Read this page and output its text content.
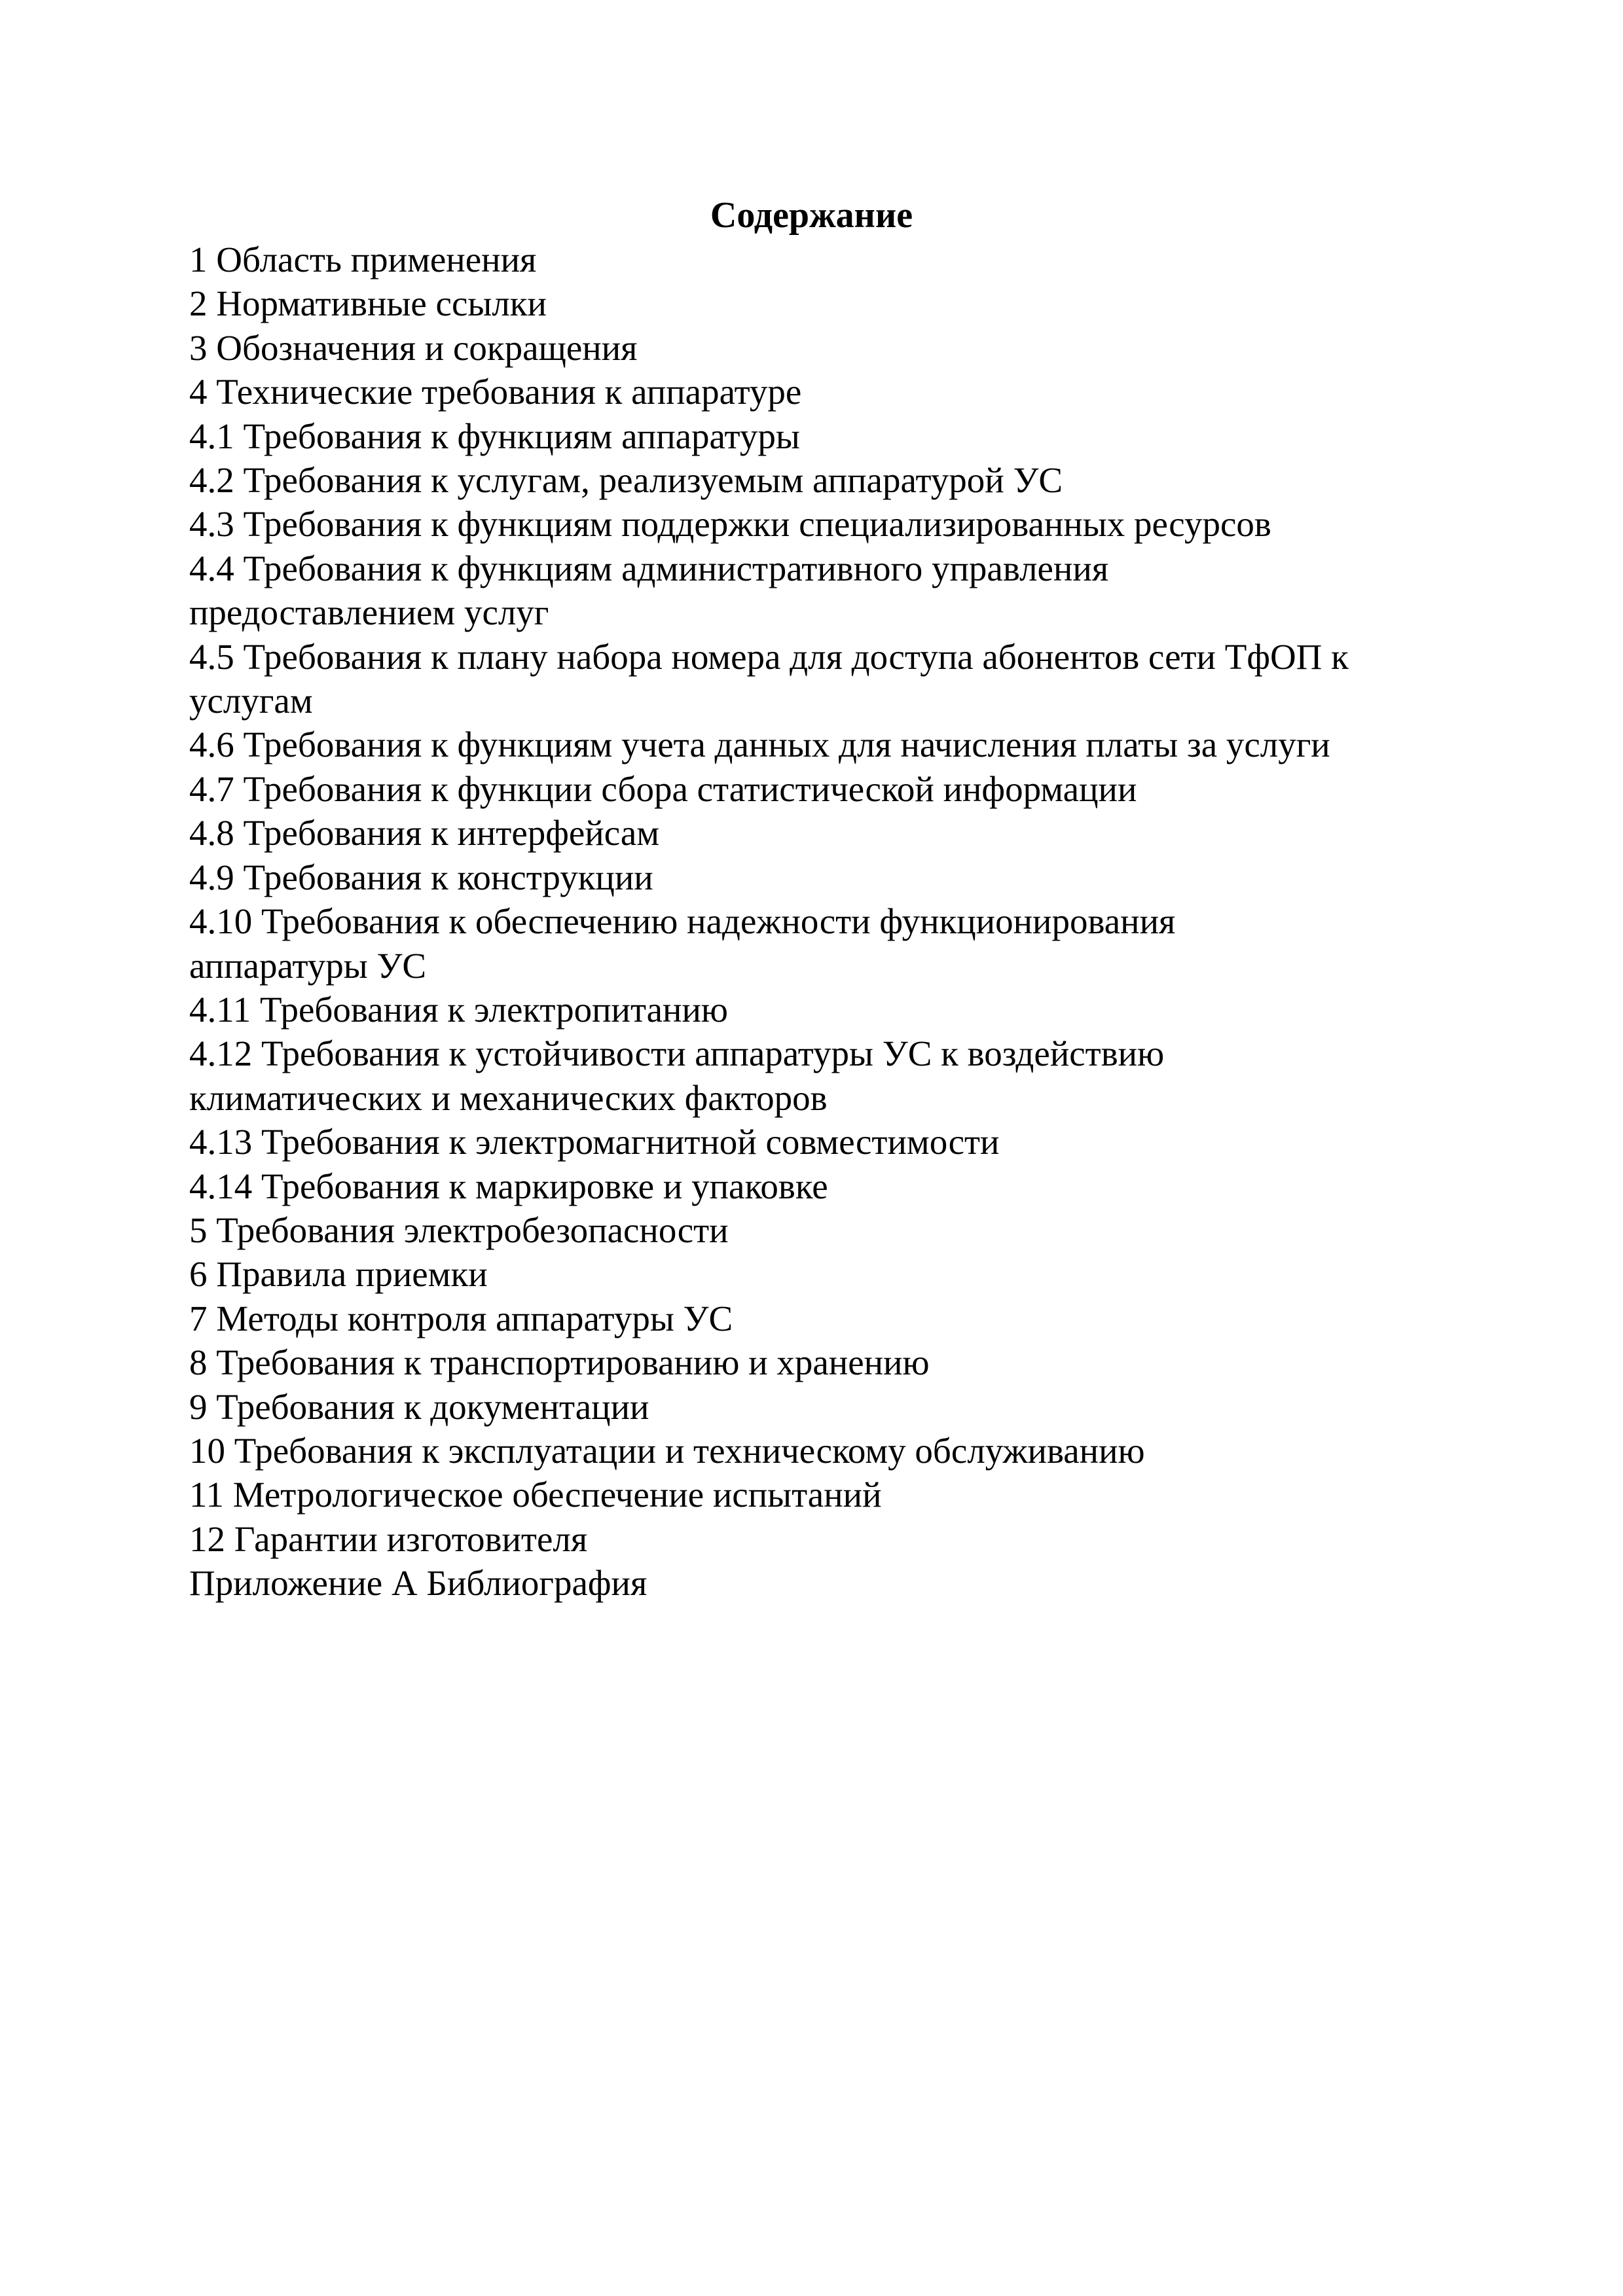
Содержание
1 Область применения
2 Нормативные ссылки
3 Обозначения и сокращения
4 Технические требования к аппаратуре
4.1 Требования к функциям аппаратуры
4.2 Требования к услугам, реализуемым аппаратурой УС
4.3 Требования к функциям поддержки специализированных ресурсов
4.4 Требования к функциям административного управления
предоставлением услуг
4.5 Требования к плану набора номера для доступа абонентов сети ТфОП к
услугам
4.6 Требования к функциям учета данных для начисления платы за услуги
4.7 Требования к функции сбора статистической информации
4.8 Требования к интерфейсам
4.9 Требования к конструкции
4.10 Требования к обеспечению надежности функционирования
аппаратуры УС
4.11 Требования к электропитанию
4.12 Требования к устойчивости аппаратуры УС к воздействию
климатических и механических факторов
4.13 Требования к электромагнитной совместимости
4.14 Требования к маркировке и упаковке
5 Требования электробезопасности
6 Правила приемки
7 Методы контроля аппаратуры УС
8 Требования к транспортированию и хранению
9 Требования к документации
10 Требования к эксплуатации и техническому обслуживанию
11 Метрологическое обеспечение испытаний
12 Гарантии изготовителя
Приложение А Библиография
